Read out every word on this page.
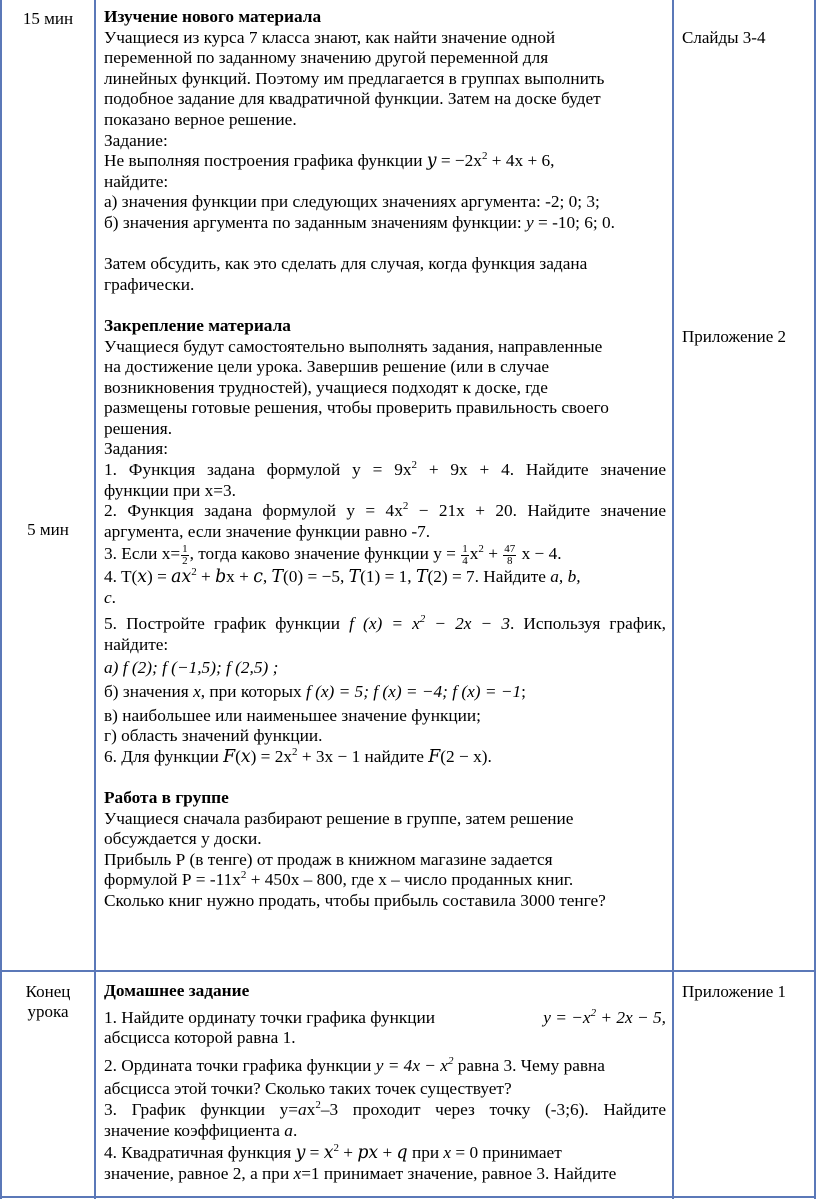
15 мин
5 мин
Конец
урока
Слайды 3-4
Приложение 2
Приложение 1

Изучение нового материала

Учащиеся из курса 7 класса знают, как найти значение одной

переменной по заданному значению другой переменной для

линейных функций. Поэтому им предлагается в группах выполнить

подобное задание для квадратичной функции. Затем на доске будет

показано верное решение.

Задание:

Не выполняя построения графика функции 𝑦 = $-2x^2 + 4x + 6$,

найдите:

а) значения функции при следующих значениях аргумента: -2; 0; 3;

б) значения аргумента по заданным значениям функции: у = -10; 6; 0.

Затем обсудить, как это сделать для случая, когда функция задана

графически.

Закрепление материала

Учащиеся будут самостоятельно выполнять задания, направленные

на достижение цели урока. Завершив решение (или в случае

возникновения трудностей), учащиеся подходят к доске, где

размещены готовые решения, чтобы проверить правильность своего

решения.

Задания:

1. Функция задана формулой $y = 9x^2 + 9x + 4$. Найдите значение

функции при x=3.

2. Функция задана формулой $y = 4x^2 - 21x + 20$. Найдите значение

аргумента, если значение функции равно -7.

3. Если $x= \frac{1}{2}$ , тогда каково значение функции $y = \frac{1}{4} x^2 + \frac{47}{8}$ x − 4.

4. T(𝑥) = 𝑎𝑥$^2$ + 𝑏x + 𝑐, 𝑇(0) = −5, 𝑇(1) = 1, 𝑇(2) = 7. Найдите a, b,

c.

5. Постройте график функции f $(x) = x^2 - 2x - 3$. Используя график,

найдите:

а) f (2); f (−1,5); f (2,5) ;

б) значения x, при которых f (x) = 5; f (x) = −4; f (x) = −1;

в) наибольшее или наименьшее значение функции;

г) область значений функции.

6. Для функции 𝐹(𝑥) = $2x^2 + 3x - 1$ найдите 𝐹(2 − x).

Работа в группе

Учащиеся сначала разбирают решение в группе, затем решение

обсуждается у доски.

Прибыль Р (в тенге) от продаж в книжном магазине задается

формулой $Р = -11x^2 + 450x - 800$, где x – число проданных книг.

Сколько книг нужно продать, чтобы прибыль составила 3000 тенге?

Домашнее задание

1. Найдите ординату точки графика функции	$y = -x^2 + 2x - 5$,

абсцисса которой равна 1.

2. Ордината точки графика функции $y = 4x - x^2$ равна 3. Чему равна

абсцисса этой точки? Сколько таких точек существует?

3. График функции $y=ax^2-3$ проходит через точку (-3;6). Найдите

значение коэффициента a.

4. Квадратичная функция 𝑦 = 𝑥$^2$ + 𝑝𝑥 + 𝑞 при x = 0 принимает

значение, равное 2, а при x=1 принимает значение, равное 3. Найдите
